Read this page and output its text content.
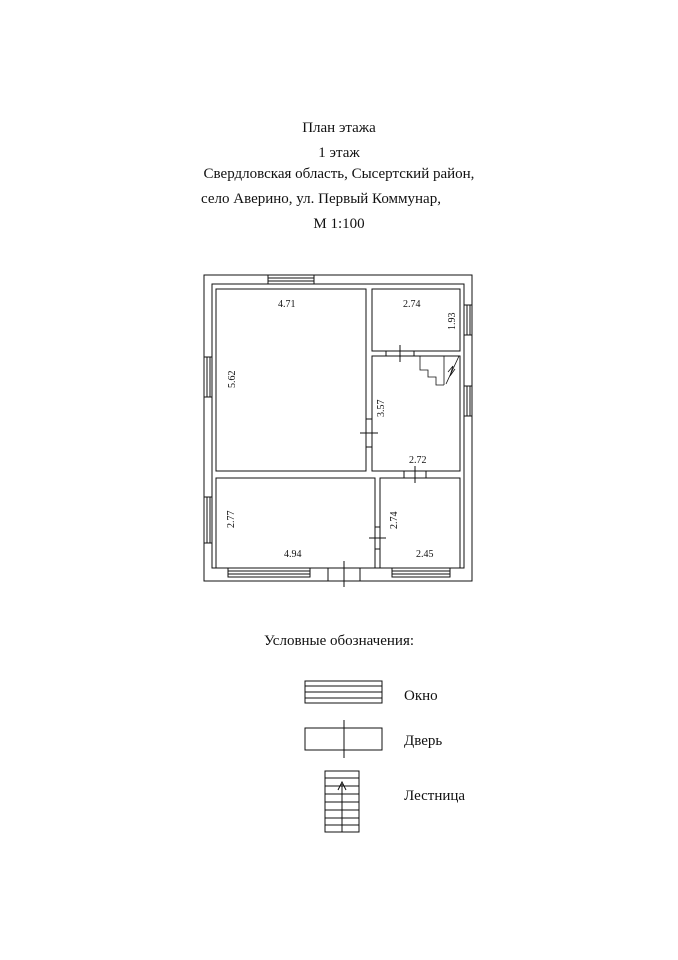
План этажа
1 этаж
Свердловская область, Сысертский район,
село Аверино, ул. Первый Коммунар,
М 1:100
4.71	2.74
1.93
5.62
3.57
2.72
2.77	2.74
4.94	2.45
Условные обозначения:
Окно
Дверь
Лестница
